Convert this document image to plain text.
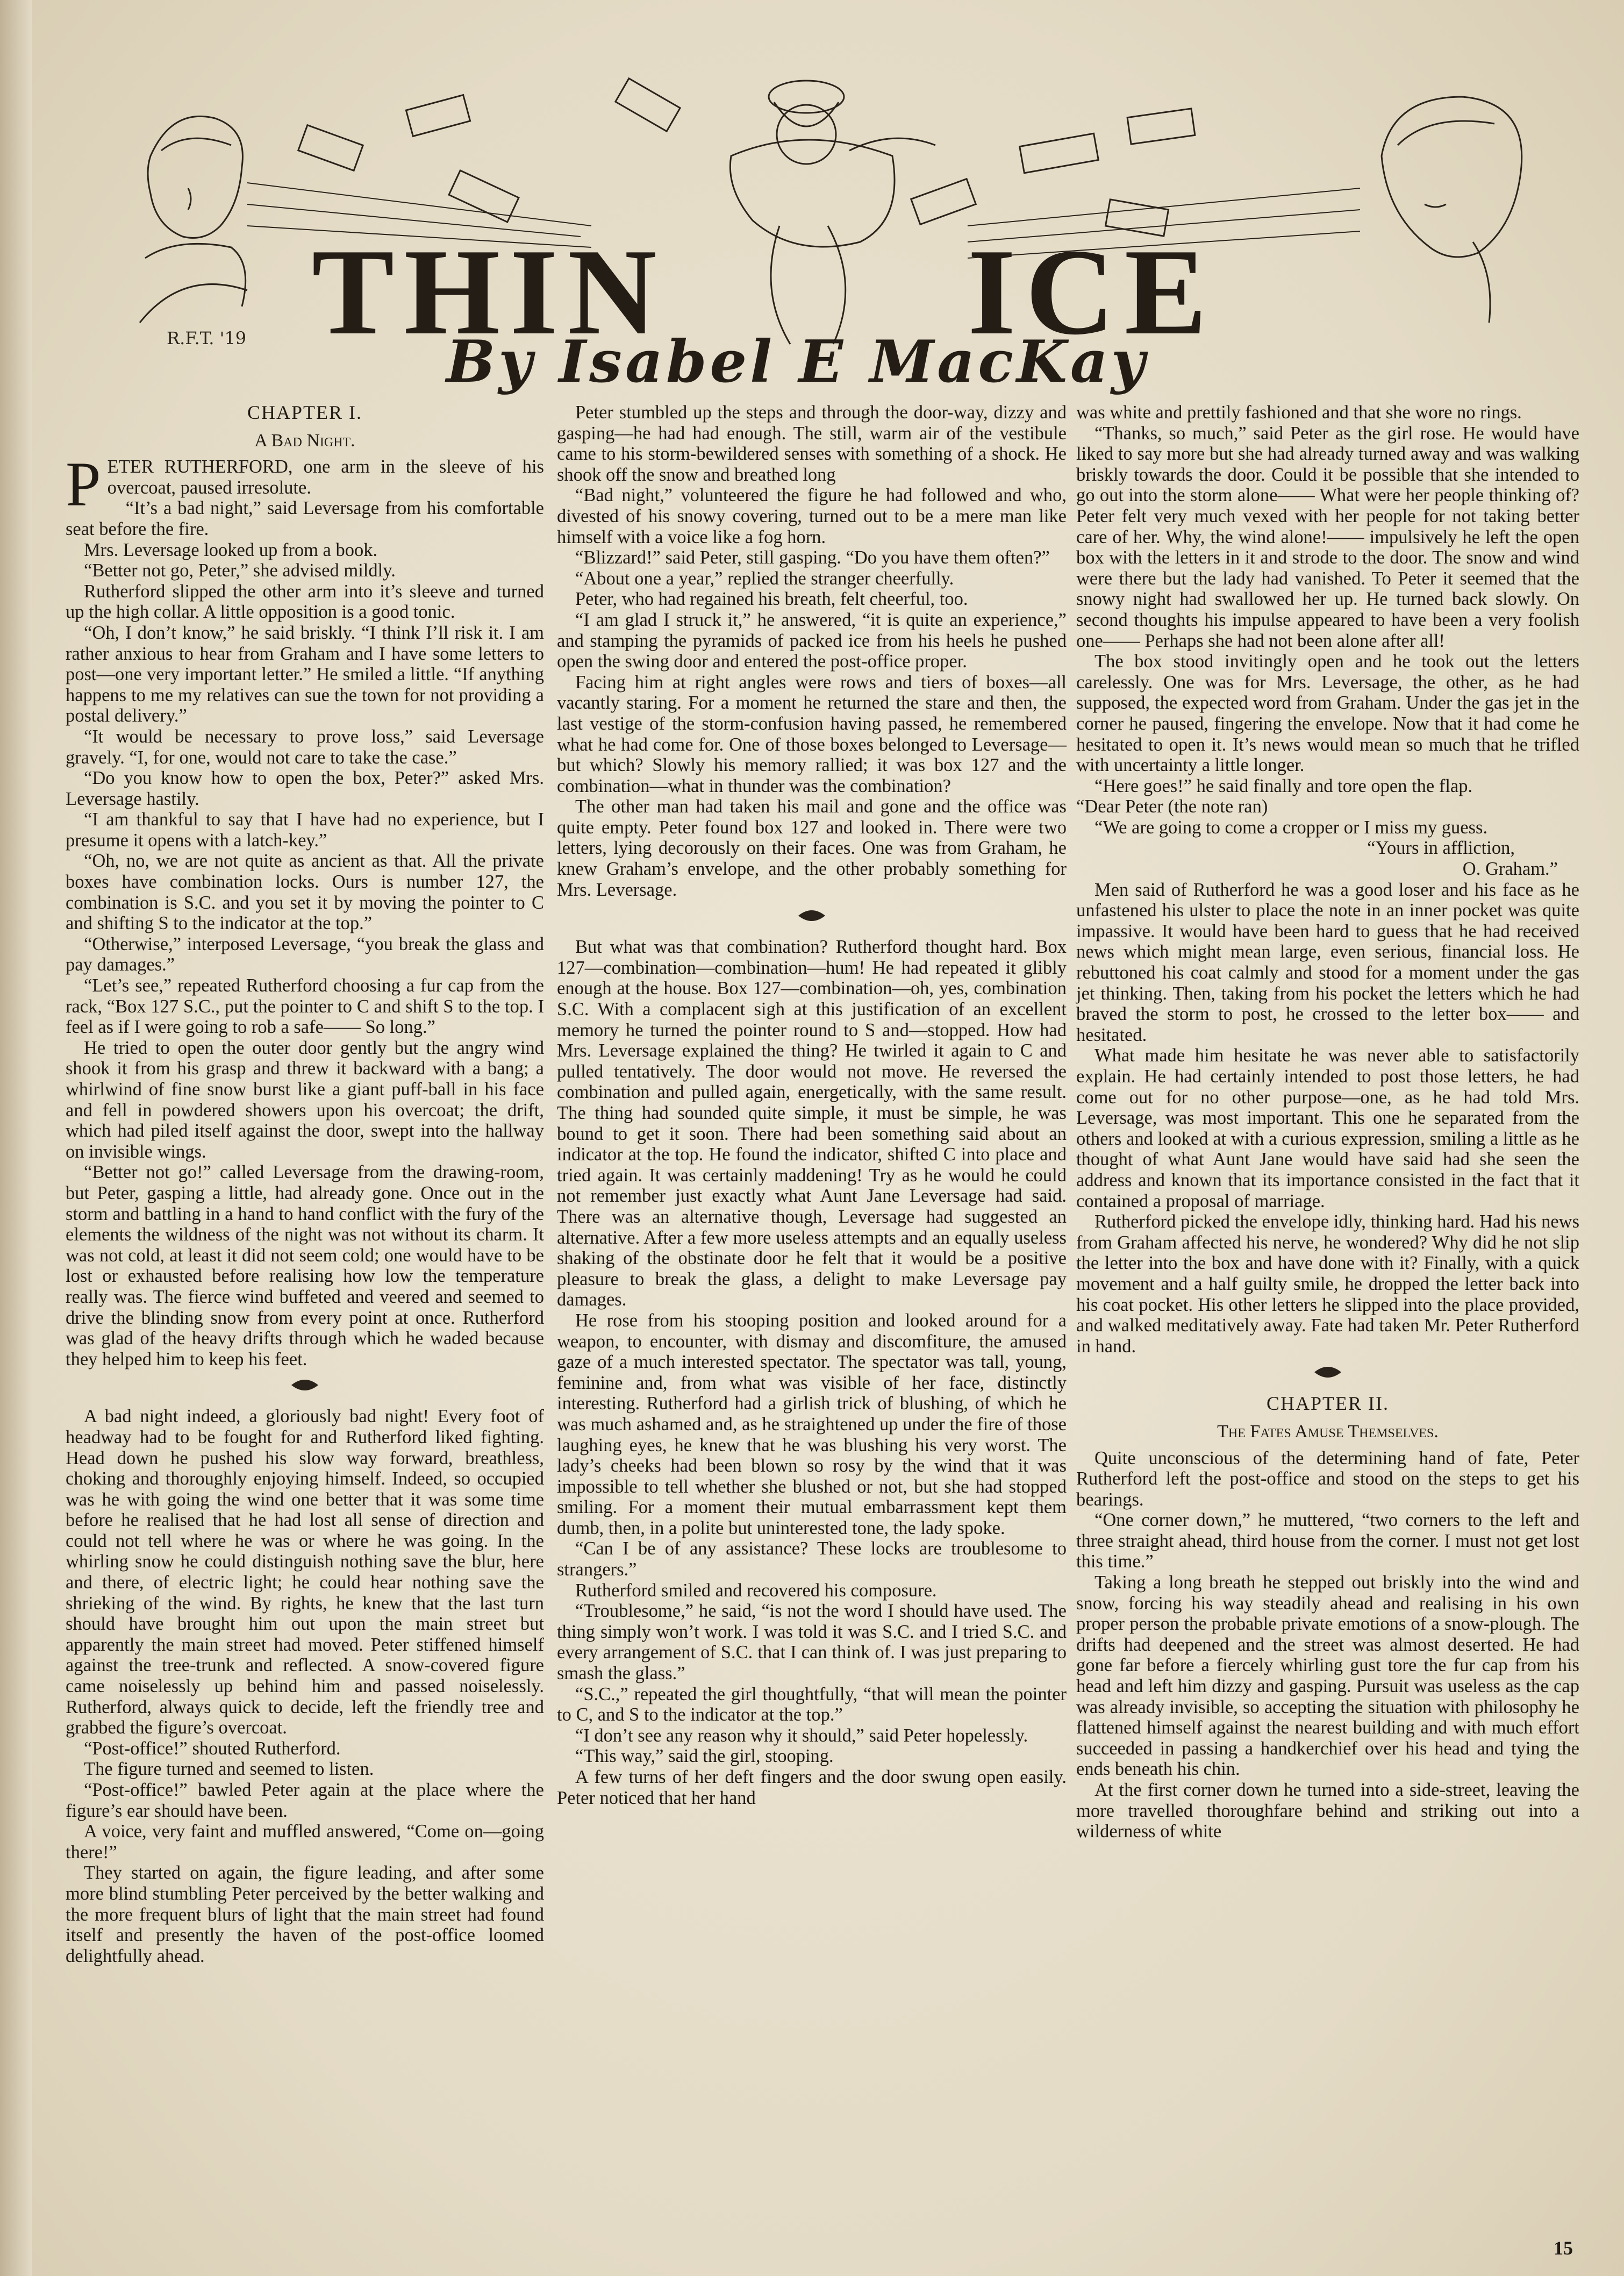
R.F.T. '19 THIN ICE
By Isabel E MacKay
CHAPTER I.
A Bad Night.
P ETER RUTHERFORD, one arm in the sleeve of his overcoat, paused irresolute.

“It’s a bad night,” said Leversage from his comfortable seat before the fire.

Mrs. Leversage looked up from a book.

“Better not go, Peter,” she advised mildly.

Rutherford slipped the other arm into it’s sleeve and turned up the high collar. A little opposition is a good tonic.

“Oh, I don’t know,” he said briskly. “I think I’ll risk it. I am rather anxious to hear from Graham and I have some letters to post—one very important letter.” He smiled a little. “If anything happens to me my relatives can sue the town for not providing a postal delivery.”

“It would be necessary to prove loss,” said Leversage gravely. “I, for one, would not care to take the case.”

“Do you know how to open the box, Peter?” asked Mrs. Leversage hastily.

“I am thankful to say that I have had no experience, but I presume it opens with a latch-key.”

“Oh, no, we are not quite as ancient as that. All the private boxes have combination locks. Ours is number 127, the combination is S.C. and you set it by moving the pointer to C and shifting S to the indicator at the top.”

“Otherwise,” interposed Leversage, “you break the glass and pay damages.”

“Let’s see,” repeated Rutherford choosing a fur cap from the rack, “Box 127 S.C., put the pointer to C and shift S to the top. I feel as if I were going to rob a safe—— So long.”

He tried to open the outer door gently but the angry wind shook it from his grasp and threw it backward with a bang; a whirlwind of fine snow burst like a giant puff-ball in his face and fell in powdered showers upon his overcoat; the drift, which had piled itself against the door, swept into the hallway on invisible wings.

“Better not go!” called Leversage from the drawing-room, but Peter, gasping a little, had already gone. Once out in the storm and battling in a hand to hand conflict with the fury of the elements the wildness of the night was not without its charm. It was not cold, at least it did not seem cold; one would have to be lost or exhausted before realising how low the temperature really was. The fierce wind buffeted and veered and seemed to drive the blinding snow from every point at once. Rutherford was glad of the heavy drifts through which he waded because they helped him to keep his feet.

A bad night indeed, a gloriously bad night! Every foot of headway had to be fought for and Rutherford liked fighting. Head down he pushed his slow way forward, breathless, choking and thoroughly enjoying himself. Indeed, so occupied was he with going the wind one better that it was some time before he realised that he had lost all sense of direction and could not tell where he was or where he was going. In the whirling snow he could distinguish nothing save the blur, here and there, of electric light; he could hear nothing save the shrieking of the wind. By rights, he knew that the last turn should have brought him out upon the main street but apparently the main street had moved. Peter stiffened himself against the tree-trunk and reflected. A snow-covered figure came noiselessly up behind him and passed noiselessly. Rutherford, always quick to decide, left the friendly tree and grabbed the figure’s overcoat.

“Post-office!” shouted Rutherford.

The figure turned and seemed to listen.

“Post-office!” bawled Peter again at the place where the figure’s ear should have been.

A voice, very faint and muffled answered, “Come on—going there!”

They started on again, the figure leading, and after some more blind stumbling Peter perceived by the better walking and the more frequent blurs of light that the main street had found itself and presently the haven of the post-office loomed delightfully ahead.

Peter stumbled up the steps and through the door-way, dizzy and gasping—he had had enough. The still, warm air of the vestibule came to his storm-bewildered senses with something of a shock. He shook off the snow and breathed long

“Bad night,” volunteered the figure he had followed and who, divested of his snowy covering, turned out to be a mere man like himself with a voice like a fog horn.

“Blizzard!” said Peter, still gasping. “Do you have them often?”

“About one a year,” replied the stranger cheerfully.

Peter, who had regained his breath, felt cheerful, too.

“I am glad I struck it,” he answered, “it is quite an experience,” and stamping the pyramids of packed ice from his heels he pushed open the swing door and entered the post-office proper.

Facing him at right angles were rows and tiers of boxes—all vacantly staring. For a moment he returned the stare and then, the last vestige of the storm-confusion having passed, he remembered what he had come for. One of those boxes belonged to Leversage—but which? Slowly his memory rallied; it was box 127 and the combination—what in thunder was the combination?

The other man had taken his mail and gone and the office was quite empty. Peter found box 127 and looked in. There were two letters, lying decorously on their faces. One was from Graham, he knew Graham’s envelope, and the other probably something for Mrs. Leversage.

But what was that combination? Rutherford thought hard. Box 127—combination—combination—hum! He had repeated it glibly enough at the house. Box 127—combination—oh, yes, combination S.C. With a complacent sigh at this justification of an excellent memory he turned the pointer round to S and—stopped. How had Mrs. Leversage explained the thing? He twirled it again to C and pulled tentatively. The door would not move. He reversed the combination and pulled again, energetically, with the same result. The thing had sounded quite simple, it must be simple, he was bound to get it soon. There had been something said about an indicator at the top. He found the indicator, shifted C into place and tried again. It was certainly maddening! Try as he would he could not remember just exactly what Aunt Jane Leversage had said. There was an alternative though, Leversage had suggested an alternative. After a few more useless attempts and an equally useless shaking of the obstinate door he felt that it would be a positive pleasure to break the glass, a delight to make Leversage pay damages.

He rose from his stooping position and looked around for a weapon, to encounter, with dismay and discomfiture, the amused gaze of a much interested spectator. The spectator was tall, young, feminine and, from what was visible of her face, distinctly interesting. Rutherford had a girlish trick of blushing, of which he was much ashamed and, as he straightened up under the fire of those laughing eyes, he knew that he was blushing his very worst. The lady’s cheeks had been blown so rosy by the wind that it was impossible to tell whether she blushed or not, but she had stopped smiling. For a moment their mutual embarrassment kept them dumb, then, in a polite but uninterested tone, the lady spoke.

“Can I be of any assistance? These locks are troublesome to strangers.”

Rutherford smiled and recovered his composure.

“Troublesome,” he said, “is not the word I should have used. The thing simply won’t work. I was told it was S.C. and I tried S.C. and every arrangement of S.C. that I can think of. I was just preparing to smash the glass.”

“S.C.,” repeated the girl thoughtfully, “that will mean the pointer to C, and S to the indicator at the top.”

“I don’t see any reason why it should,” said Peter hopelessly.

“This way,” said the girl, stooping.

A few turns of her deft fingers and the door swung open easily. Peter noticed that her hand

was white and prettily fashioned and that she wore no rings.

“Thanks, so much,” said Peter as the girl rose. He would have liked to say more but she had already turned away and was walking briskly towards the door. Could it be possible that she intended to go out into the storm alone—— What were her people thinking of? Peter felt very much vexed with her people for not taking better care of her. Why, the wind alone!—— impulsively he left the open box with the letters in it and strode to the door. The snow and wind were there but the lady had vanished. To Peter it seemed that the snowy night had swallowed her up. He turned back slowly. On second thoughts his impulse appeared to have been a very foolish one—— Perhaps she had not been alone after all!

The box stood invitingly open and he took out the letters carelessly. One was for Mrs. Leversage, the other, as he had supposed, the expected word from Graham. Under the gas jet in the corner he paused, fingering the envelope. Now that it had come he hesitated to open it. It’s news would mean so much that he trifled with uncertainty a little longer.

“Here goes!” he said finally and tore open the flap.

“Dear Peter (the note ran)

“We are going to come a cropper or I miss my guess.

“Yours in affliction,

O. Graham.”

Men said of Rutherford he was a good loser and his face as he unfastened his ulster to place the note in an inner pocket was quite impassive. It would have been hard to guess that he had received news which might mean large, even serious, financial loss. He rebuttoned his coat calmly and stood for a moment under the gas jet thinking. Then, taking from his pocket the letters which he had braved the storm to post, he crossed to the letter box—— and hesitated.

What made him hesitate he was never able to satisfactorily explain. He had certainly intended to post those letters, he had come out for no other purpose—one, as he had told Mrs. Leversage, was most important. This one he separated from the others and looked at with a curious expression, smiling a little as he thought of what Aunt Jane would have said had she seen the address and known that its importance consisted in the fact that it contained a proposal of marriage.

Rutherford picked the envelope idly, thinking hard. Had his news from Graham affected his nerve, he wondered? Why did he not slip the letter into the box and have done with it? Finally, with a quick movement and a half guilty smile, he dropped the letter back into his coat pocket. His other letters he slipped into the place provided, and walked meditatively away. Fate had taken Mr. Peter Rutherford in hand.

CHAPTER II.
The Fates Amuse Themselves.

Quite unconscious of the determining hand of fate, Peter Rutherford left the post-office and stood on the steps to get his bearings.

“One corner down,” he muttered, “two corners to the left and three straight ahead, third house from the corner. I must not get lost this time.”

Taking a long breath he stepped out briskly into the wind and snow, forcing his way steadily ahead and realising in his own proper person the probable private emotions of a snow-plough. The drifts had deepened and the street was almost deserted. He had gone far before a fiercely whirling gust tore the fur cap from his head and left him dizzy and gasping. Pursuit was useless as the cap was already invisible, so accepting the situation with philosophy he flattened himself against the nearest building and with much effort succeeded in passing a handkerchief over his head and tying the ends beneath his chin.

At the first corner down he turned into a side-street, leaving the more travelled thoroughfare behind and striking out into a wilderness of white

15
